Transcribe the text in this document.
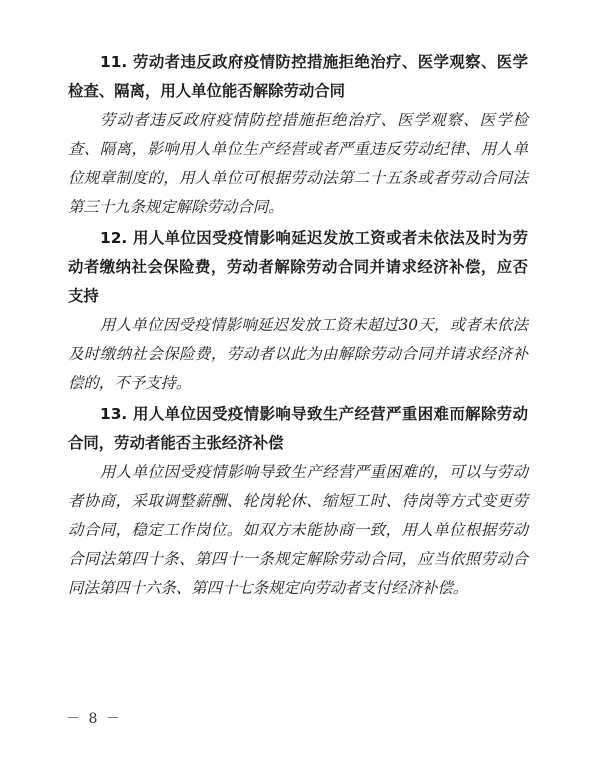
11. 劳动者违反政府疫情防控措施拒绝治疗、医学观察、医学检查、隔离，用人单位能否解除劳动合同

劳动者违反政府疫情防控措施拒绝治疗、医学观察、医学检查、隔离，影响用人单位生产经营或者严重违反劳动纪律、用人单位规章制度的，用人单位可根据劳动法第二十五条或者劳动合同法第三十九条规定解除劳动合同。

12. 用人单位因受疫情影响延迟发放工资或者未依法及时为劳动者缴纳社会保险费，劳动者解除劳动合同并请求经济补偿，应否支持

用人单位因受疫情影响延迟发放工资未超过30天，或者未依法及时缴纳社会保险费，劳动者以此为由解除劳动合同并请求经济补偿的，不予支持。

13. 用人单位因受疫情影响导致生产经营严重困难而解除劳动合同，劳动者能否主张经济补偿

用人单位因受疫情影响导致生产经营严重困难的，可以与劳动者协商，采取调整薪酬、轮岗轮休、缩短工时、待岗等方式变更劳动合同，稳定工作岗位。如双方未能协商一致，用人单位根据劳动合同法第四十条、第四十一条规定解除劳动合同，应当依照劳动合同法第四十六条、第四十七条规定向劳动者支付经济补偿。

－ 8 －
